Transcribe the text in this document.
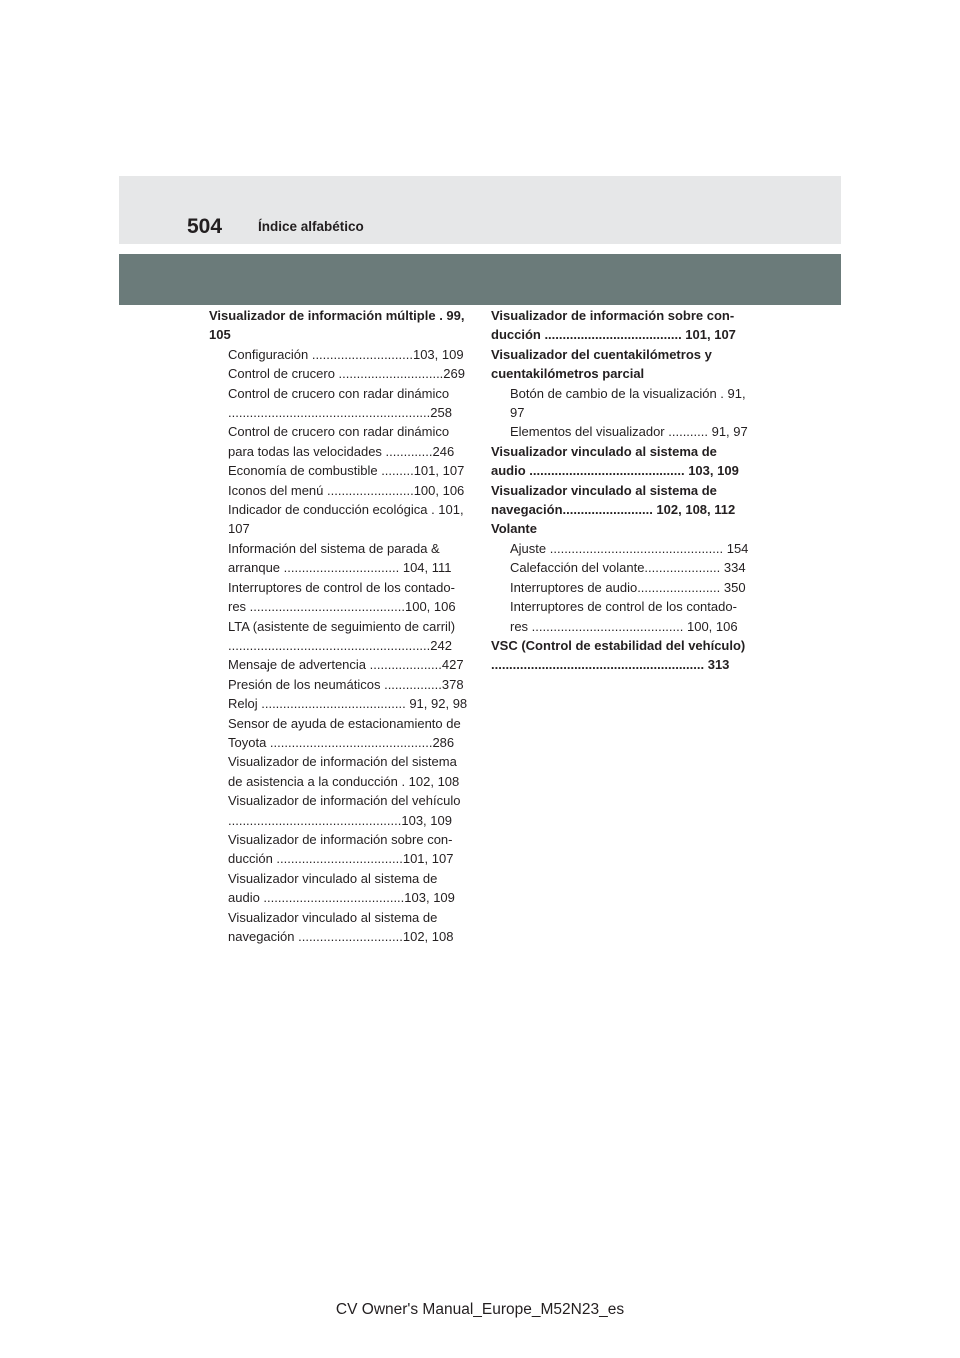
504	Índice alfabético
Visualizador de información múltiple . 99,
105
Configuración ............................103, 109
Control de crucero .............................269
Control de crucero con radar dinámico
........................................................258
Control de crucero con radar dinámico
para todas las velocidades .............246
Economía de combustible .........101, 107
Iconos del menú ........................100, 106
Indicador de conducción ecológica . 101,
107
Información del sistema de parada &
arranque ................................ 104, 111
Interruptores de control de los contado-
res ...........................................100, 106
LTA (asistente de seguimiento de carril)
........................................................242
Mensaje de advertencia ....................427
Presión de los neumáticos ................378
Reloj ........................................ 91, 92, 98
Sensor de ayuda de estacionamiento de
Toyota .............................................286
Visualizador de información del sistema
de asistencia a la conducción . 102, 108
Visualizador de información del vehículo
................................................103, 109
Visualizador de información sobre con-
ducción ...................................101, 107
Visualizador vinculado al sistema de
audio .......................................103, 109
Visualizador vinculado al sistema de
navegación .............................102, 108
Visualizador de información sobre con-
ducción ...................................... 101, 107
Visualizador del cuentakilómetros y
cuentakilómetros parcial
Botón de cambio de la visualización . 91,
97
Elementos del visualizador ........... 91, 97
Visualizador vinculado al sistema de
audio ........................................... 103, 109
Visualizador vinculado al sistema de
navegación......................... 102, 108, 112
Volante
Ajuste ................................................ 154
Calefacción del volante..................... 334
Interruptores de audio....................... 350
Interruptores de control de los contado-
res .......................................... 100, 106
VSC (Control de estabilidad del vehículo)
........................................................... 313
CV Owner's Manual_Europe_M52N23_es
